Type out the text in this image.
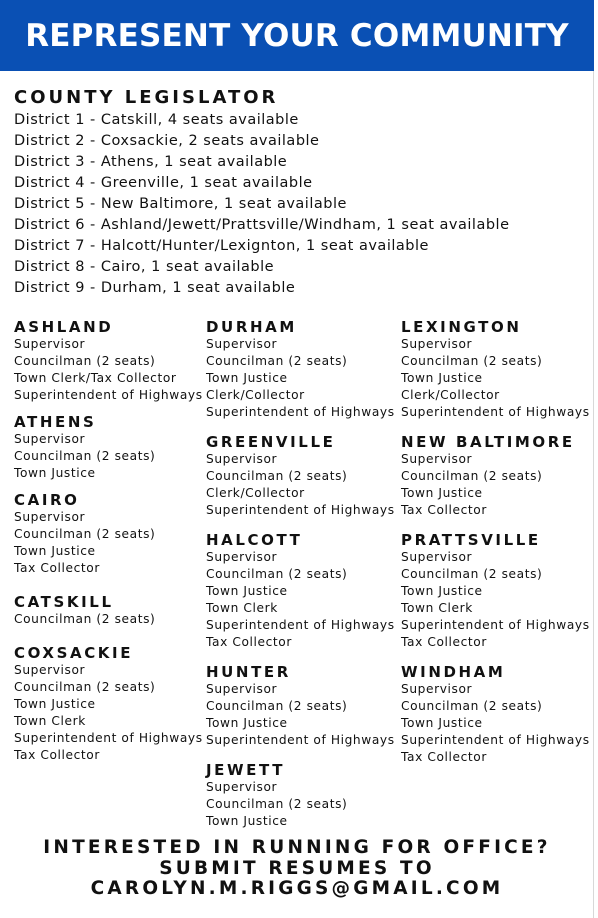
REPRESENT YOUR COMMUNITY
COUNTY LEGISLATOR
District 1 - Catskill, 4 seats available
District 2 - Coxsackie, 2 seats available
District 3 - Athens, 1 seat available
District 4 - Greenville, 1 seat available
District 5 - New Baltimore, 1 seat available
District 6 - Ashland/Jewett/Prattsville/Windham, 1 seat available
District 7 - Halcott/Hunter/Lexignton, 1 seat available
District 8 - Cairo, 1 seat available
District 9 - Durham, 1 seat available
ASHLAND
Supervisor
Councilman (2 seats)
Town Clerk/Tax Collector
Superintendent of Highways
ATHENS
Supervisor
Councilman (2 seats)
Town Justice
CAIRO
Supervisor
Councilman (2 seats)
Town Justice
Tax Collector
CATSKILL
Councilman (2 seats)
COXSACKIE
Supervisor
Councilman (2 seats)
Town Justice
Town Clerk
Superintendent of Highways
Tax Collector
DURHAM
Supervisor
Councilman (2 seats)
Town Justice
Clerk/Collector
Superintendent of Highways
GREENVILLE
Supervisor
Councilman (2 seats)
Clerk/Collector
Superintendent of Highways
HALCOTT
Supervisor
Councilman (2 seats)
Town Justice
Town Clerk
Superintendent of Highways
Tax Collector
HUNTER
Supervisor
Councilman (2 seats)
Town Justice
Superintendent of Highways
JEWETT
Supervisor
Councilman (2 seats)
Town Justice
LEXINGTON
Supervisor
Councilman (2 seats)
Town Justice
Clerk/Collector
Superintendent of Highways
NEW BALTIMORE
Supervisor
Councilman (2 seats)
Town Justice
Tax Collector
PRATTSVILLE
Supervisor
Councilman (2 seats)
Town Justice
Town Clerk
Superintendent of Highways
Tax Collector
WINDHAM
Supervisor
Councilman (2 seats)
Town Justice
Superintendent of Highways
Tax Collector
INTERESTED IN RUNNING FOR OFFICE?
SUBMIT RESUMES TO
CAROLYN.M.RIGGS@GMAIL.COM
